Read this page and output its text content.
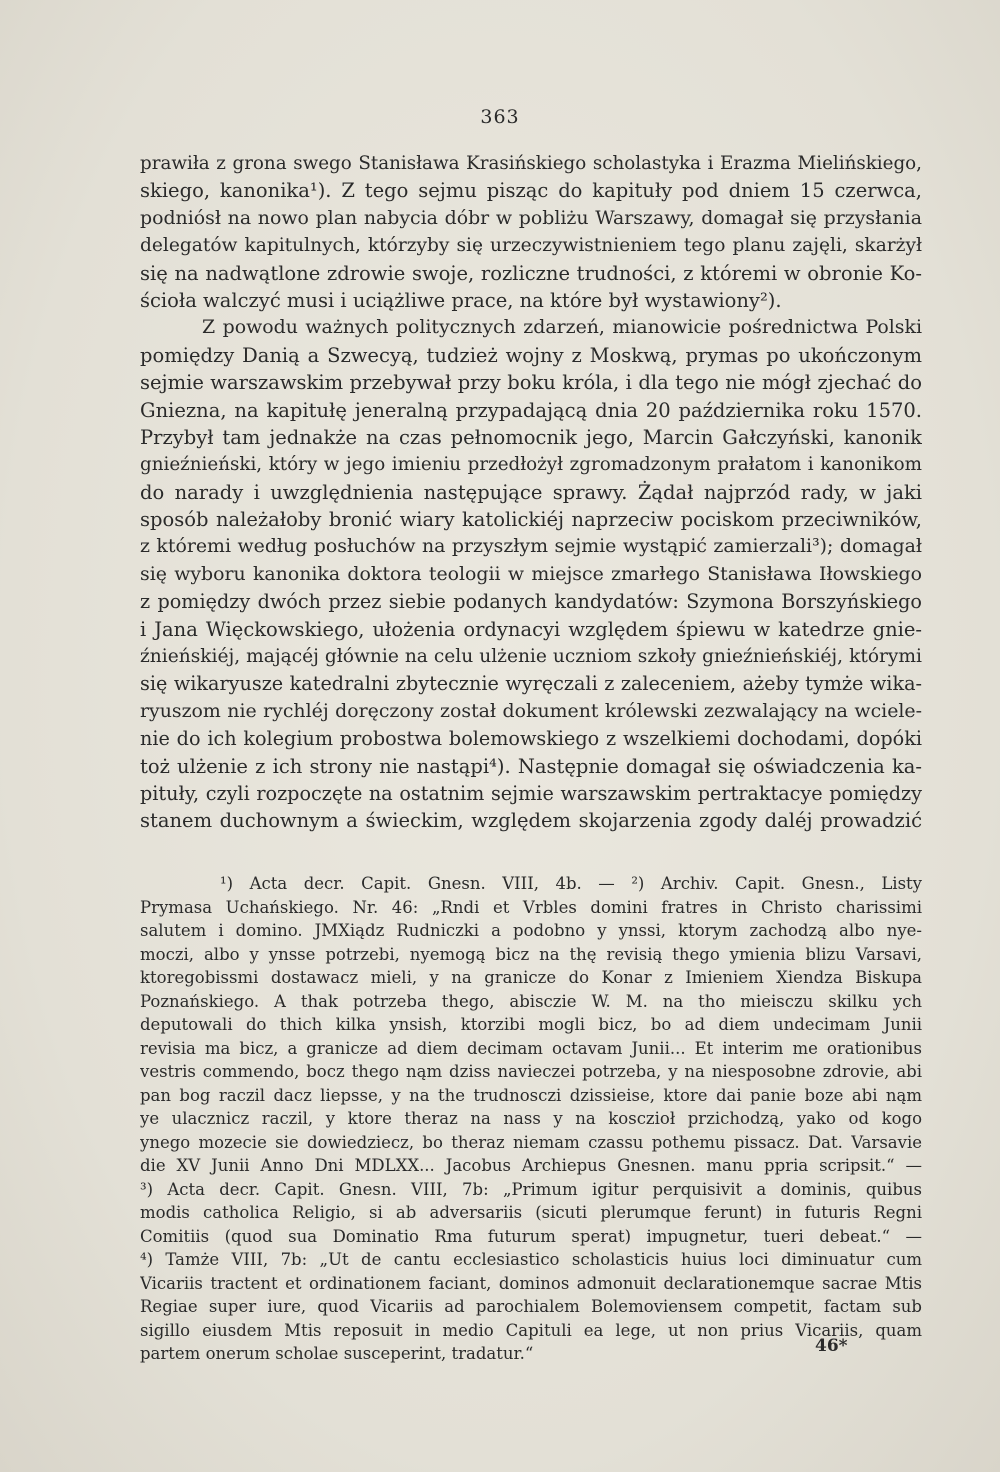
363
prawiła z grona swego Stanisława Krasińskiego scholastyka i Erazma Mielińskiego,
skiego, kanonika¹). Z tego sejmu pisząc do kapituły pod dniem 15 czerwca,
podniósł na nowo plan nabycia dóbr w pobliżu Warszawy, domagał się przysłania
delegatów kapitulnych, którzyby się urzeczywistnieniem tego planu zajęli, skarżył
się na nadwątlone zdrowie swoje, rozliczne trudności, z któremi w obronie Ko-
ścioła walczyć musi i uciążliwe prace, na które był wystawiony²).
Z powodu ważnych politycznych zdarzeń, mianowicie pośrednictwa Polski
pomiędzy Danią a Szwecyą, tudzież wojny z Moskwą, prymas po ukończonym
sejmie warszawskim przebywał przy boku króla, i dla tego nie mógł zjechać do
Gniezna, na kapitułę jeneralną przypadającą dnia 20 października roku 1570.
Przybył tam jednakże na czas pełnomocnik jego, Marcin Gałczyński, kanonik
gnieźnieński, który w jego imieniu przedłożył zgromadzonym prałatom i kanonikom
do narady i uwzględnienia następujące sprawy. Żądał najprzód rady, w jaki
sposób należałoby bronić wiary katolickiéj naprzeciw pociskom przeciwników,
z któremi według posłuchów na przyszłym sejmie wystąpić zamierzali³); domagał
się wyboru kanonika doktora teologii w miejsce zmarłego Stanisława Iłowskiego
z pomiędzy dwóch przez siebie podanych kandydatów: Szymona Borszyńskiego
i Jana Więckowskiego, ułożenia ordynacyi względem śpiewu w katedrze gnie-
źnieńskiéj, mającéj głównie na celu ulżenie uczniom szkoły gnieźnieńskiéj, którymi
się wikaryusze katedralni zbytecznie wyręczali z zaleceniem, ażeby tymże wika-
ryuszom nie rychléj doręczony został dokument królewski zezwalający na wciele-
nie do ich kolegium probostwa bolemowskiego z wszelkiemi dochodami, dopóki
toż ulżenie z ich strony nie nastąpi⁴). Następnie domagał się oświadczenia ka-
pituły, czyli rozpoczęte na ostatnim sejmie warszawskim pertraktacye pomiędzy
stanem duchownym a świeckim, względem skojarzenia zgody daléj prowadzić
¹) Acta decr. Capit. Gnesn. VIII, 4b. — ²) Archiv. Capit. Gnesn., Listy
Prymasa Uchańskiego. Nr. 46: „Rndi et Vrbles domini fratres in Christo charissimi
salutem i domino. JMXiądz Rudniczki a podobno y ynssi, ktorym zachodzą albo nye-
moczi, albo y ynsse potrzebi, nyemogą bicz na thę revisią thego ymienia blizu Varsavi,
ktoregobissmi dostawacz mieli, y na granicze do Konar z Imieniem Xiendza Biskupa
Poznańskiego. A thak potrzeba thego, abisczie W. M. na tho mieisczu skilku ych
deputowali do thich kilka ynsish, ktorzibi mogli bicz, bo ad diem undecimam Junii
revisia ma bicz, a granicze ad diem decimam octavam Junii... Et interim me orationibus
vestris commendo, bocz thego nąm dziss navieczei potrzeba, y na niesposobne zdrovie, abi
pan bog raczil dacz liepsse, y na the trudnosczi dzissieise, ktore dai panie boze abi nąm
ye ulacznicz raczil, y ktore theraz na nass y na kosczioł przichodzą, yako od kogo
ynego mozecie sie dowiedziecz, bo theraz niemam czassu pothemu pissacz. Dat. Varsavie
die XV Junii Anno Dni MDLXX... Jacobus Archiepus Gnesnen. manu ppria scripsit.“ —
³) Acta decr. Capit. Gnesn. VIII, 7b: „Primum igitur perquisivit a dominis, quibus
modis catholica Religio, si ab adversariis (sicuti plerumque ferunt) in futuris Regni
Comitiis (quod sua Dominatio Rma futurum sperat) impugnetur, tueri debeat.“ —
⁴) Tamże VIII, 7b: „Ut de cantu ecclesiastico scholasticis huius loci diminuatur cum
Vicariis tractent et ordinationem faciant, dominos admonuit declarationemque sacrae Mtis
Regiae super iure, quod Vicariis ad parochialem Bolemoviensem competit, factam sub
sigillo eiusdem Mtis reposuit in medio Capituli ea lege, ut non prius Vicariis, quam
partem onerum scholae susceperint, tradatur.“	46*
